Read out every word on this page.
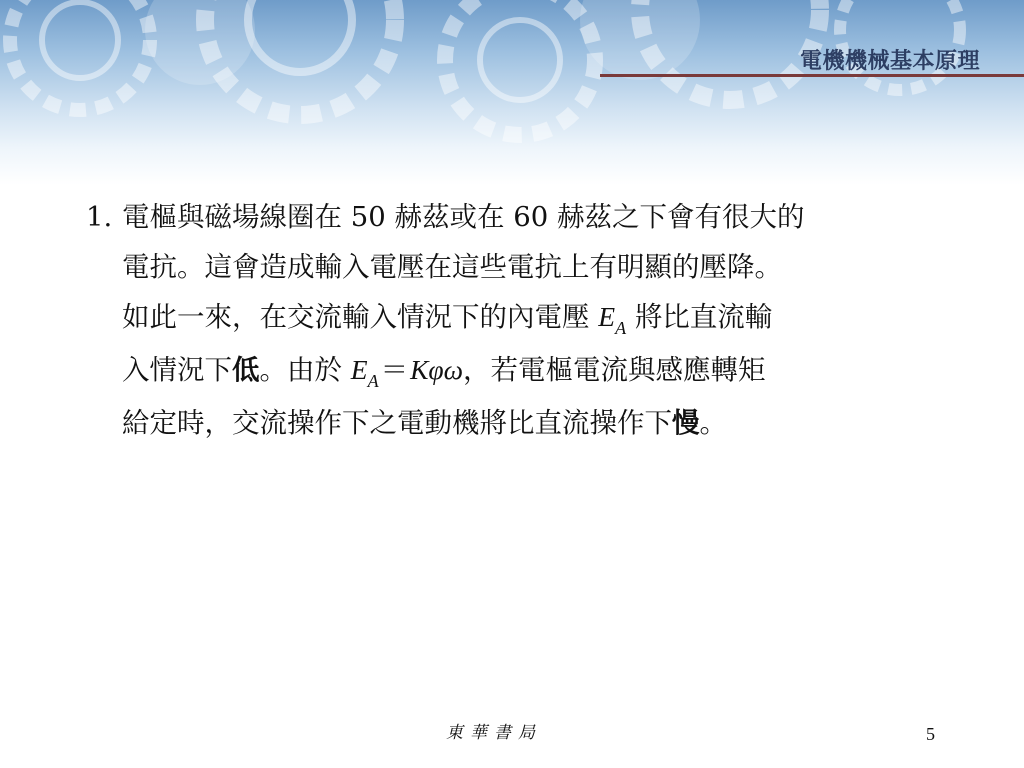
電機機械基本原理
1. 電樞與磁場線圈在 50 赫茲或在 60 赫茲之下會有很大的
電抗。這會造成輸入電壓在這些電抗上有明顯的壓降。
如此一來，在交流輸入情況下的內電壓 $E_A$ 將比直流輸
入情況下低。由於 $E_A=K\varphi\omega$，若電樞電流與感應轉矩
給定時，交流操作下之電動機將比直流操作下慢。
東華書局	5
